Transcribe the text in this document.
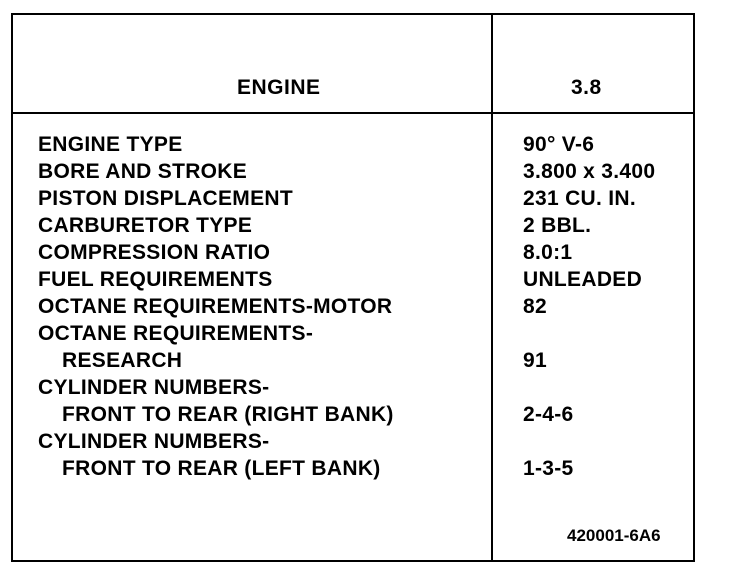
ENGINE	3.8
ENGINE TYPE	90° V-6
BORE AND STROKE	3.800 x 3.400
PISTON DISPLACEMENT	231 CU. IN.
CARBURETOR TYPE	2 BBL.
COMPRESSION RATIO	8.0:1
FUEL REQUIREMENTS	UNLEADED
OCTANE REQUIREMENTS-MOTOR	82
OCTANE REQUIREMENTS-
RESEARCH	91
CYLINDER NUMBERS-
FRONT TO REAR (RIGHT BANK)	2-4-6
CYLINDER NUMBERS-
FRONT TO REAR (LEFT BANK)	1-3-5
420001-6A6
